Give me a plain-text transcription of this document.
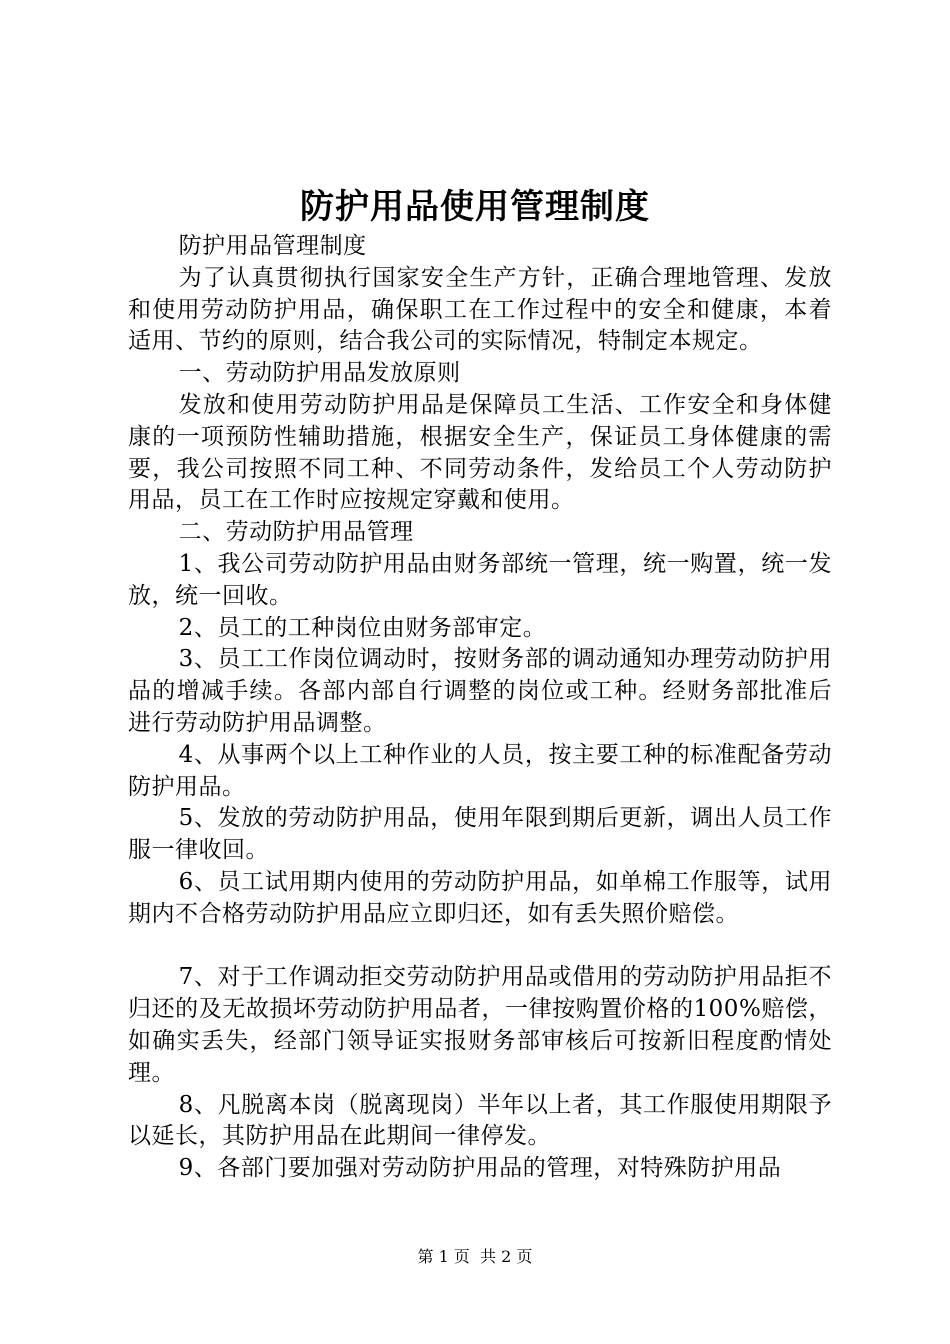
防护用品使用管理制度

防护用品管理制度

为了认真贯彻执行国家安全生产方针，正确合理地管理、发放和使用劳动防护用品，确保职工在工作过程中的安全和健康，本着适用、节约的原则，结合我公司的实际情况，特制定本规定。

一、劳动防护用品发放原则

发放和使用劳动防护用品是保障员工生活、工作安全和身体健康的一项预防性辅助措施，根据安全生产，保证员工身体健康的需要，我公司按照不同工种、不同劳动条件，发给员工个人劳动防护用品，员工在工作时应按规定穿戴和使用。

二、劳动防护用品管理

1、我公司劳动防护用品由财务部统一管理，统一购置，统一发放，统一回收。

2、员工的工种岗位由财务部审定。

3、员工工作岗位调动时，按财务部的调动通知办理劳动防护用品的增减手续。各部内部自行调整的岗位或工种。经财务部批准后进行劳动防护用品调整。

4、从事两个以上工种作业的人员，按主要工种的标准配备劳动防护用品。

5、发放的劳动防护用品，使用年限到期后更新，调出人员工作服一律收回。

6、员工试用期内使用的劳动防护用品，如单棉工作服等，试用期内不合格劳动防护用品应立即归还，如有丢失照价赔偿。

7、对于工作调动拒交劳动防护用品或借用的劳动防护用品拒不归还的及无故损坏劳动防护用品者，一律按购置价格的100%赔偿，如确实丢失，经部门领导证实报财务部审核后可按新旧程度酌情处理。

8、凡脱离本岗（脱离现岗）半年以上者，其工作服使用期限予以延长，其防护用品在此期间一律停发。

9、各部门要加强对劳动防护用品的管理，对特殊防护用品

第 1 页  共 2 页
